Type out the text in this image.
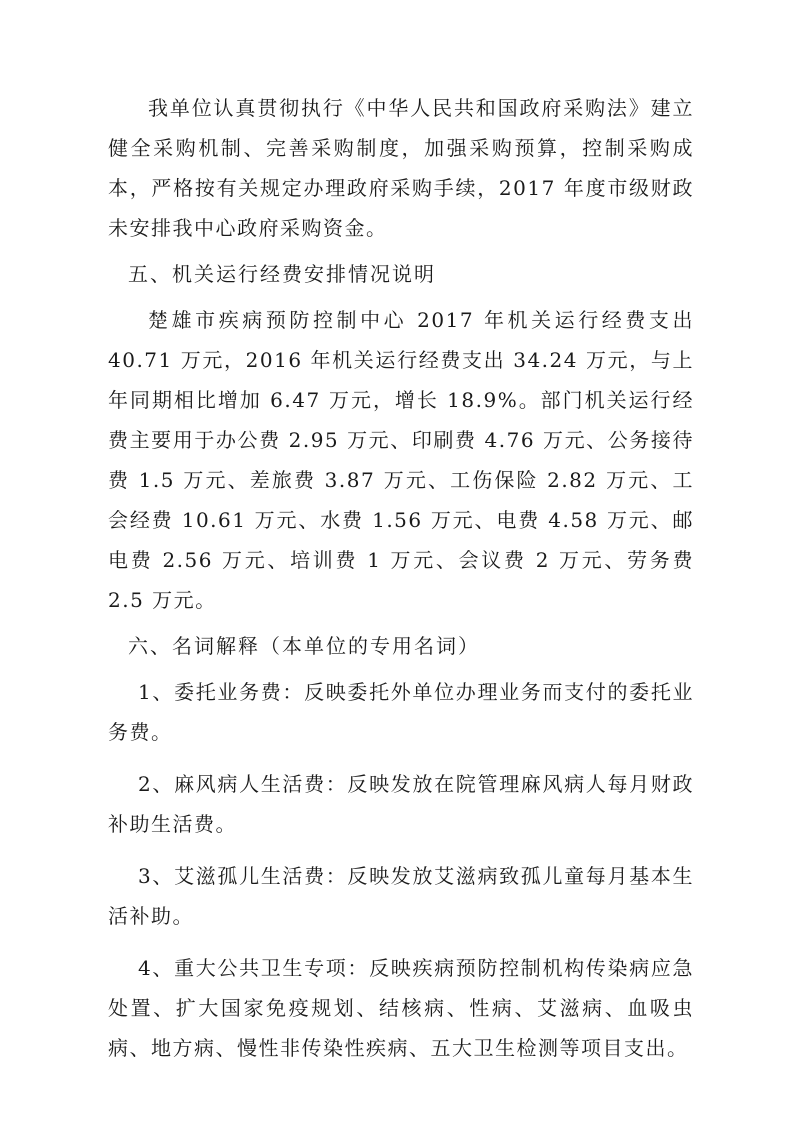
我单位认真贯彻执行《中华人民共和国政府采购法》建立健全采购机制、完善采购制度，加强采购预算，控制采购成本，严格按有关规定办理政府采购手续，2017 年度市级财政未安排我中心政府采购资金。

五、机关运行经费安排情况说明

楚雄市疾病预防控制中心 2017 年机关运行经费支出 40.71 万元，2016 年机关运行经费支出 34.24 万元，与上年同期相比增加 6.47 万元，增长 18.9%。部门机关运行经费主要用于办公费 2.95 万元、印刷费 4.76 万元、公务接待费 1.5 万元、差旅费 3.87 万元、工伤保险 2.82 万元、工会经费 10.61 万元、水费 1.56 万元、电费 4.58 万元、邮电费 2.56 万元、培训费 1 万元、会议费 2 万元、劳务费 2.5 万元。

六、名词解释（本单位的专用名词）

1、委托业务费：反映委托外单位办理业务而支付的委托业务费。

2、麻风病人生活费：反映发放在院管理麻风病人每月财政补助生活费。

3、艾滋孤儿生活费：反映发放艾滋病致孤儿童每月基本生活补助。

4、重大公共卫生专项：反映疾病预防控制机构传染病应急处置、扩大国家免疫规划、结核病、性病、艾滋病、血吸虫病、地方病、慢性非传染性疾病、五大卫生检测等项目支出。
